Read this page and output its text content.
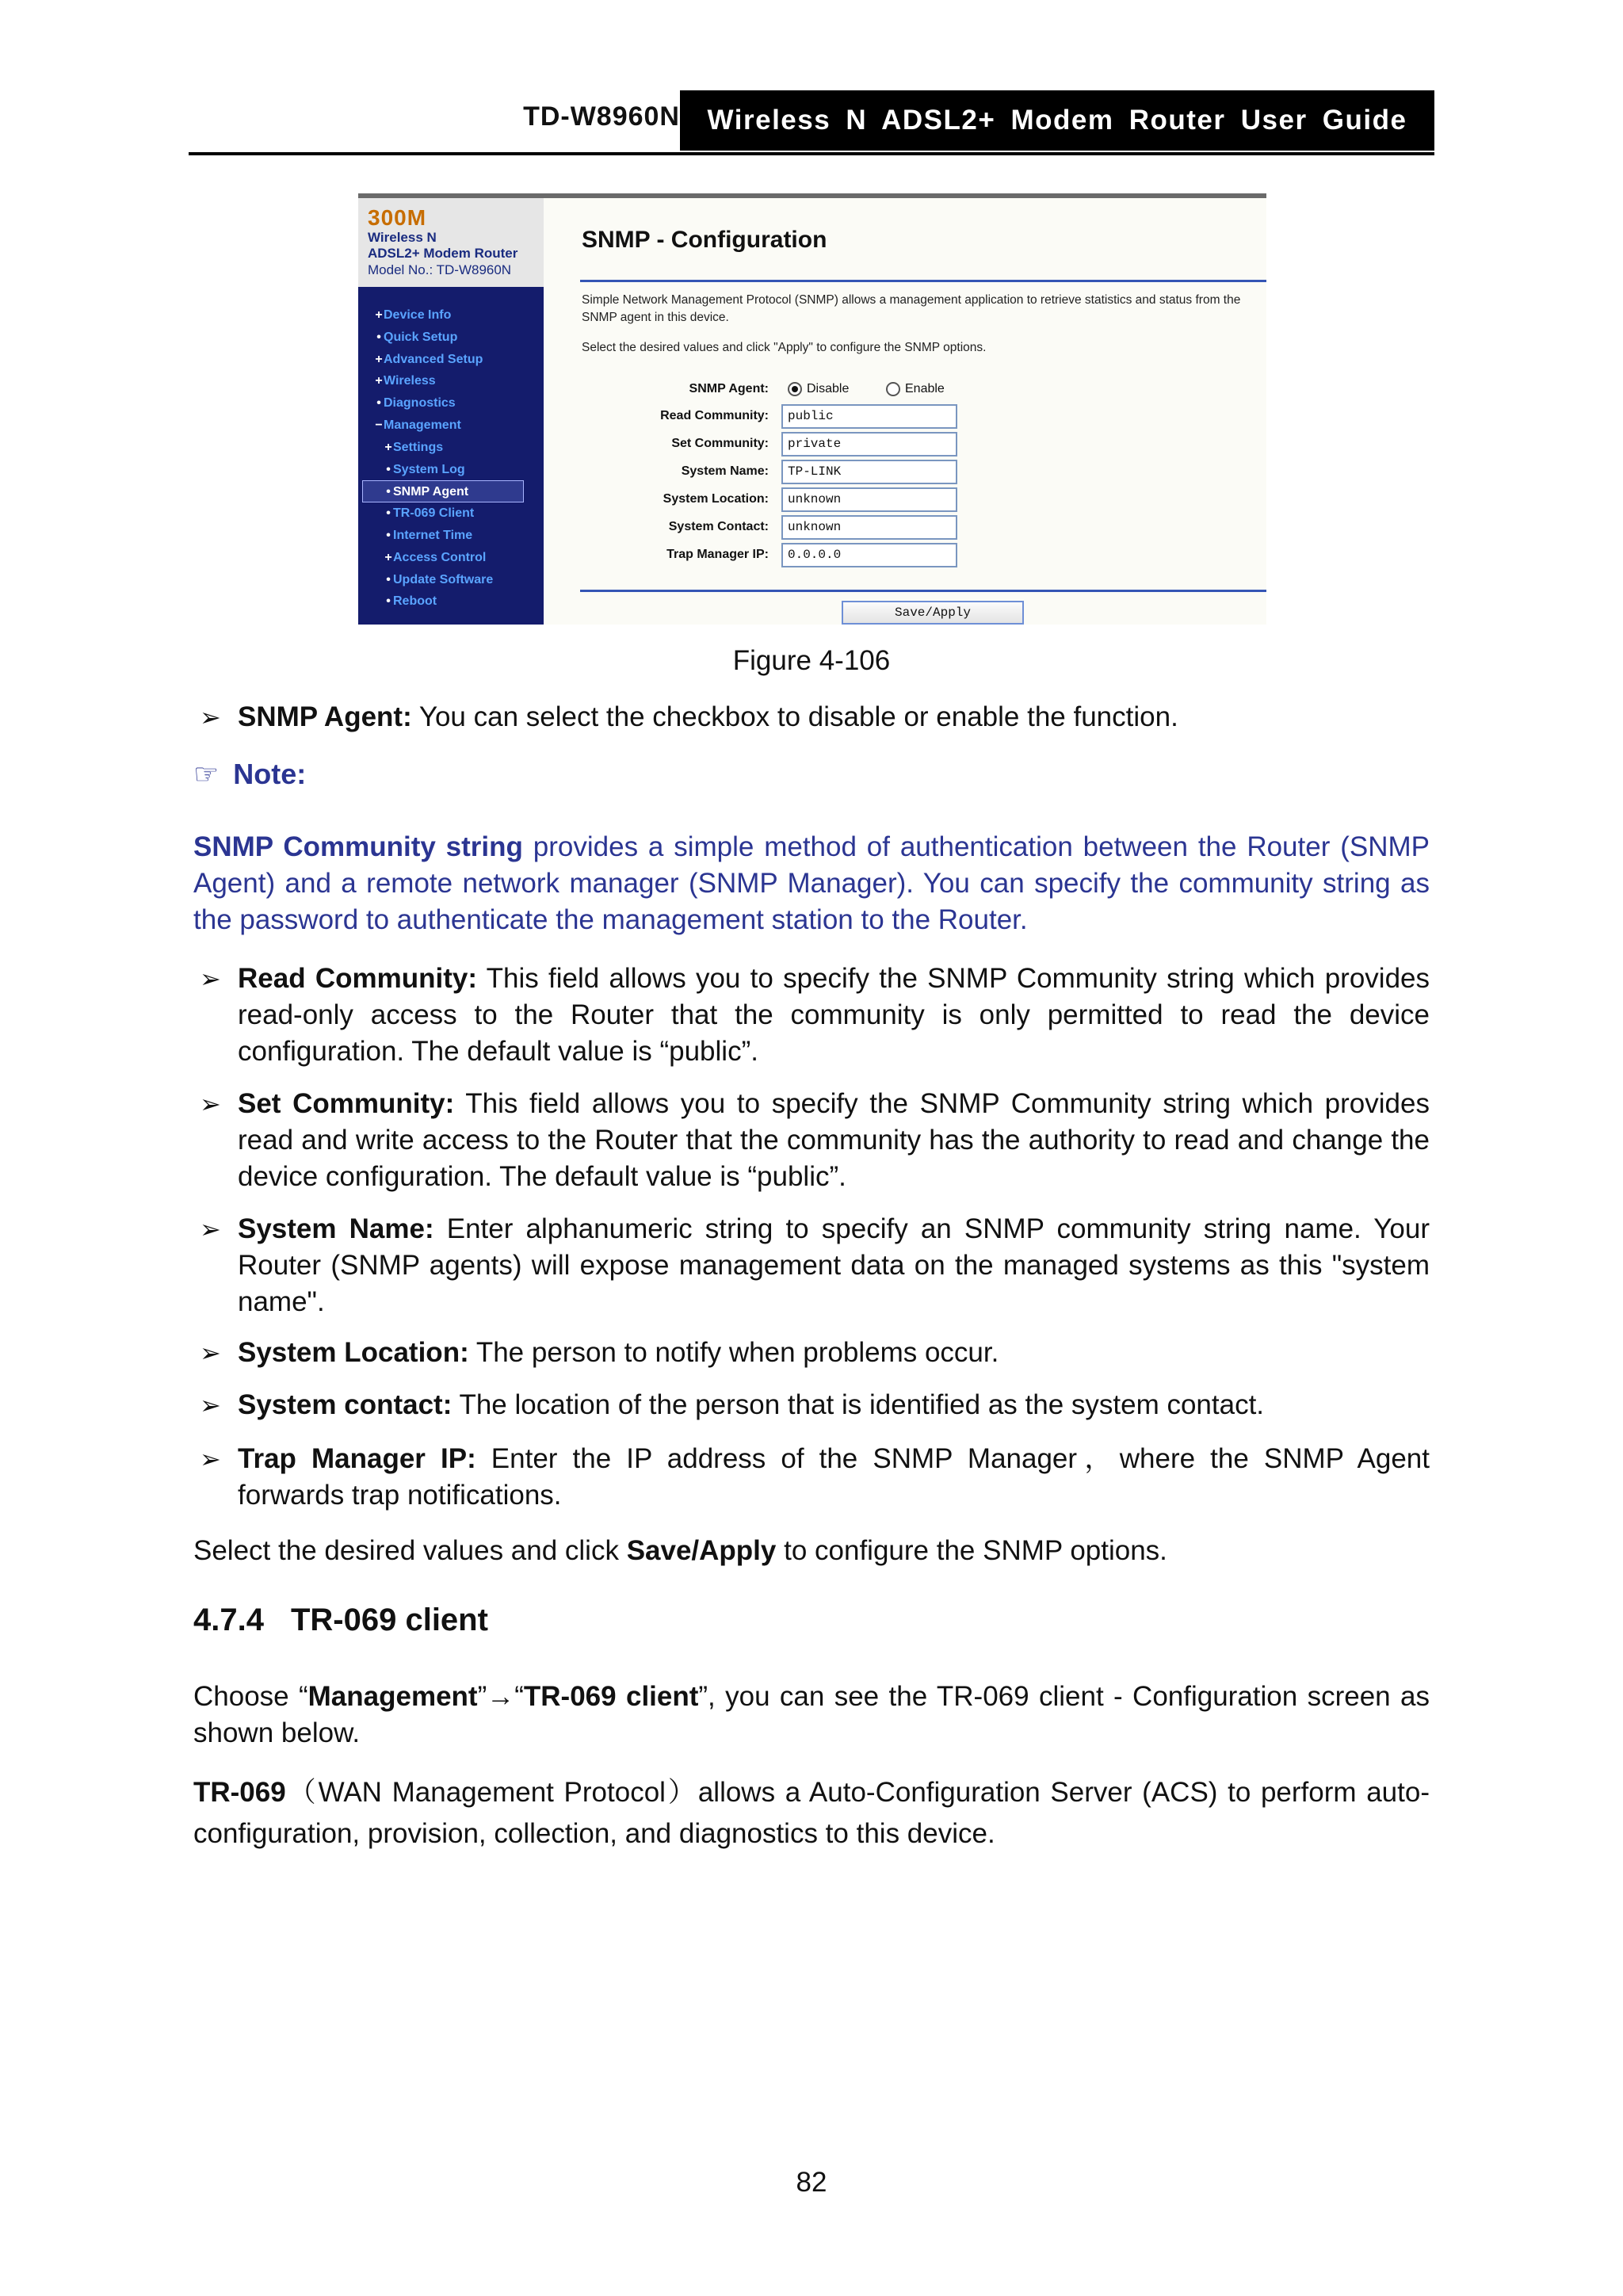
TD-W8960N Wireless N ADSL2+ Modem Router User Guide
300M
Wireless N
ADSL2+ Modem Router
Model No.: TD-W8960N
+Device Info
• Quick Setup
+Advanced Setup
+Wireless
• Diagnostics
−Management
+Settings
• System Log
• SNMP Agent
• TR-069 Client
• Internet Time
+Access Control
• Update Software
• Reboot
SNMP - Configuration
Simple Network Management Protocol (SNMP) allows a management application to retrieve statistics and status from the SNMP agent in this device.
Select the desired values and click "Apply" to configure the SNMP options.
SNMP Agent:	Disable	Enable
Read Community:	public
Set Community:	private
System Name:	TP-LINK
System Location:	unknown
System Contact:	unknown
Trap Manager IP:	0.0.0.0
Save/Apply
Figure 4-106
➢ SNMP Agent: You can select the checkbox to disable or enable the function.
☞ Note:
SNMP Community string provides a simple method of authentication between the Router (SNMP Agent) and a remote network manager (SNMP Manager). You can specify the community string as the password to authenticate the management station to the Router.
➢ Read Community: This field allows you to specify the SNMP Community string which provides read-only access to the Router that the community is only permitted to read the device configuration. The default value is “public”.
➢ Set Community: This field allows you to specify the SNMP Community string which provides read and write access to the Router that the community has the authority to read and change the device configuration. The default value is “public”.
➢ System Name: Enter alphanumeric string to specify an SNMP community string name. Your Router (SNMP agents) will expose management data on the managed systems as this "system name".
➢ System Location: The person to notify when problems occur.
➢ System contact: The location of the person that is identified as the system contact.
➢ Trap Manager IP: Enter the IP address of the SNMP Manager，where the SNMP Agent forwards trap notifications.
Select the desired values and click Save/Apply to configure the SNMP options.
4.7.4 TR-069 client
Choose “Management”→“TR-069 client”, you can see the TR-069 client - Configuration screen as shown below.
TR-069（WAN Management Protocol）allows a Auto-Configuration Server (ACS) to perform auto-configuration, provision, collection, and diagnostics to this device.
82
